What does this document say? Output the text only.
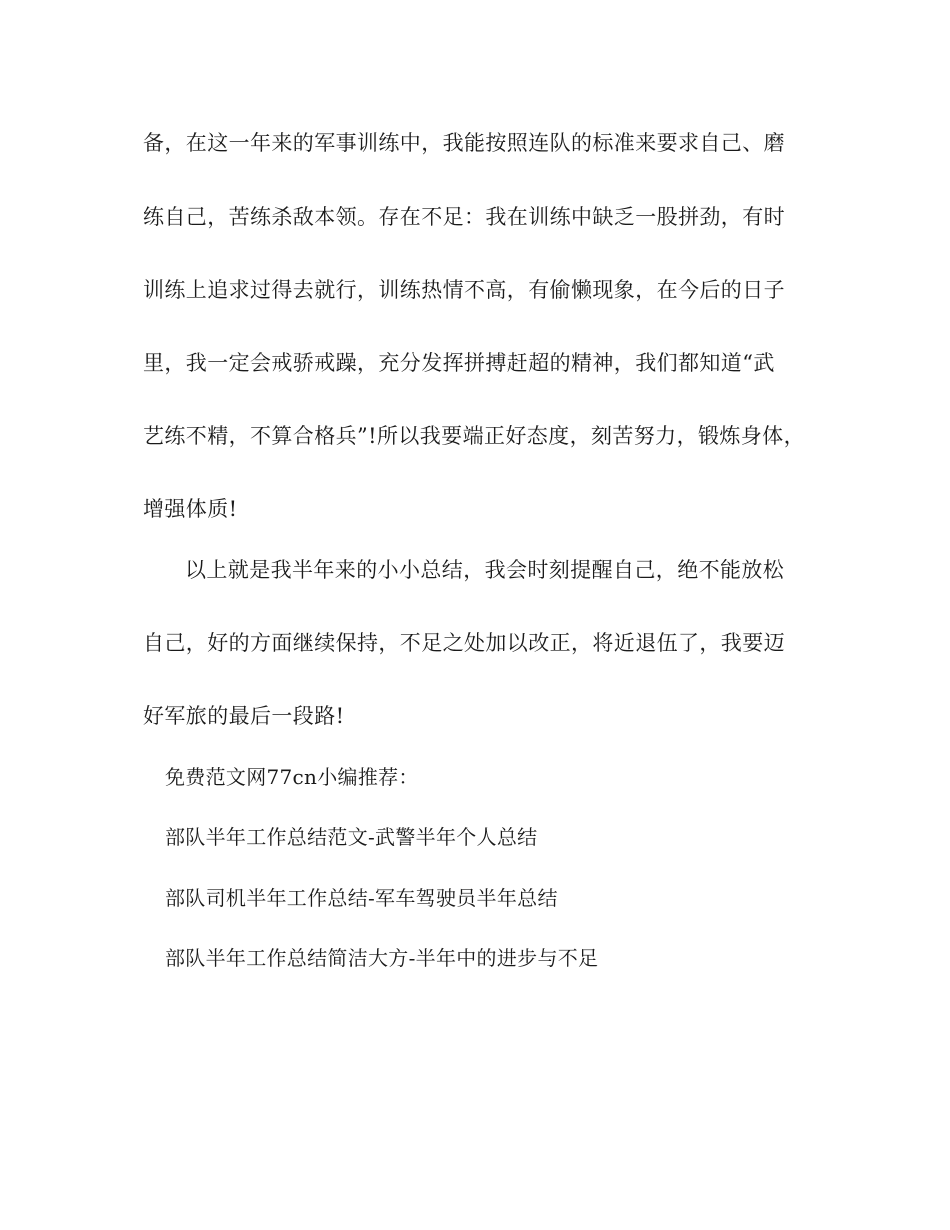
备，在这一年来的军事训练中，我能按照连队的标准来要求自己、磨
练自己，苦练杀敌本领。存在不足：我在训练中缺乏一股拼劲，有时
训练上追求过得去就行，训练热情不高，有偷懒现象，在今后的日子
里，我一定会戒骄戒躁，充分发挥拼搏赶超的精神，我们都知道“武
艺练不精，不算合格兵”!所以我要端正好态度，刻苦努力，锻炼身体，
增强体质!
以上就是我半年来的小小总结，我会时刻提醒自己，绝不能放松
自己，好的方面继续保持，不足之处加以改正，将近退伍了，我要迈
好军旅的最后一段路!
免费范文网77cn小编推荐：
部队半年工作总结范文-武警半年个人总结
部队司机半年工作总结-军车驾驶员半年总结
部队半年工作总结简洁大方-半年中的进步与不足
